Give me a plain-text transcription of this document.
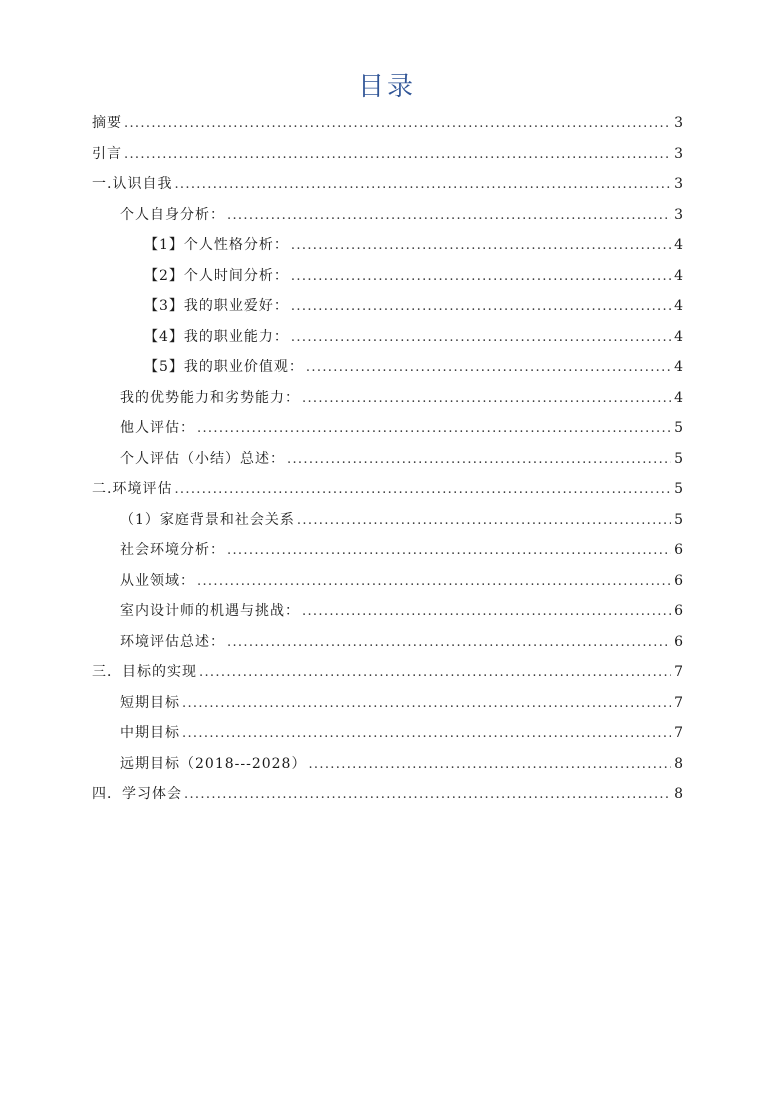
目录
摘要 . . .	3
引言 . . .	3
一.认识自我 . . .	3
个人自身分析： . . .	3
【1】个人性格分析： . . .	4
【2】个人时间分析： . . .	4
【3】我的职业爱好： . . .	4
【4】我的职业能力： . . .	4
【5】我的职业价值观： . . .	4
我的优势能力和劣势能力： . . .	4
他人评估： . . .	5
个人评估（小结）总述： . . .	5
二.环境评估 . . .	5
（1）家庭背景和社会关系 . . .	5
社会环境分析： . . .	6
从业领域： . . .	6
室内设计师的机遇与挑战： . . .	6
环境评估总述： . . .	6
三．目标的实现 . . .	7
短期目标 . . .	7
中期目标 . . .	7
远期目标（2018---2028） . . .	8
四．学习体会 . . .	8
